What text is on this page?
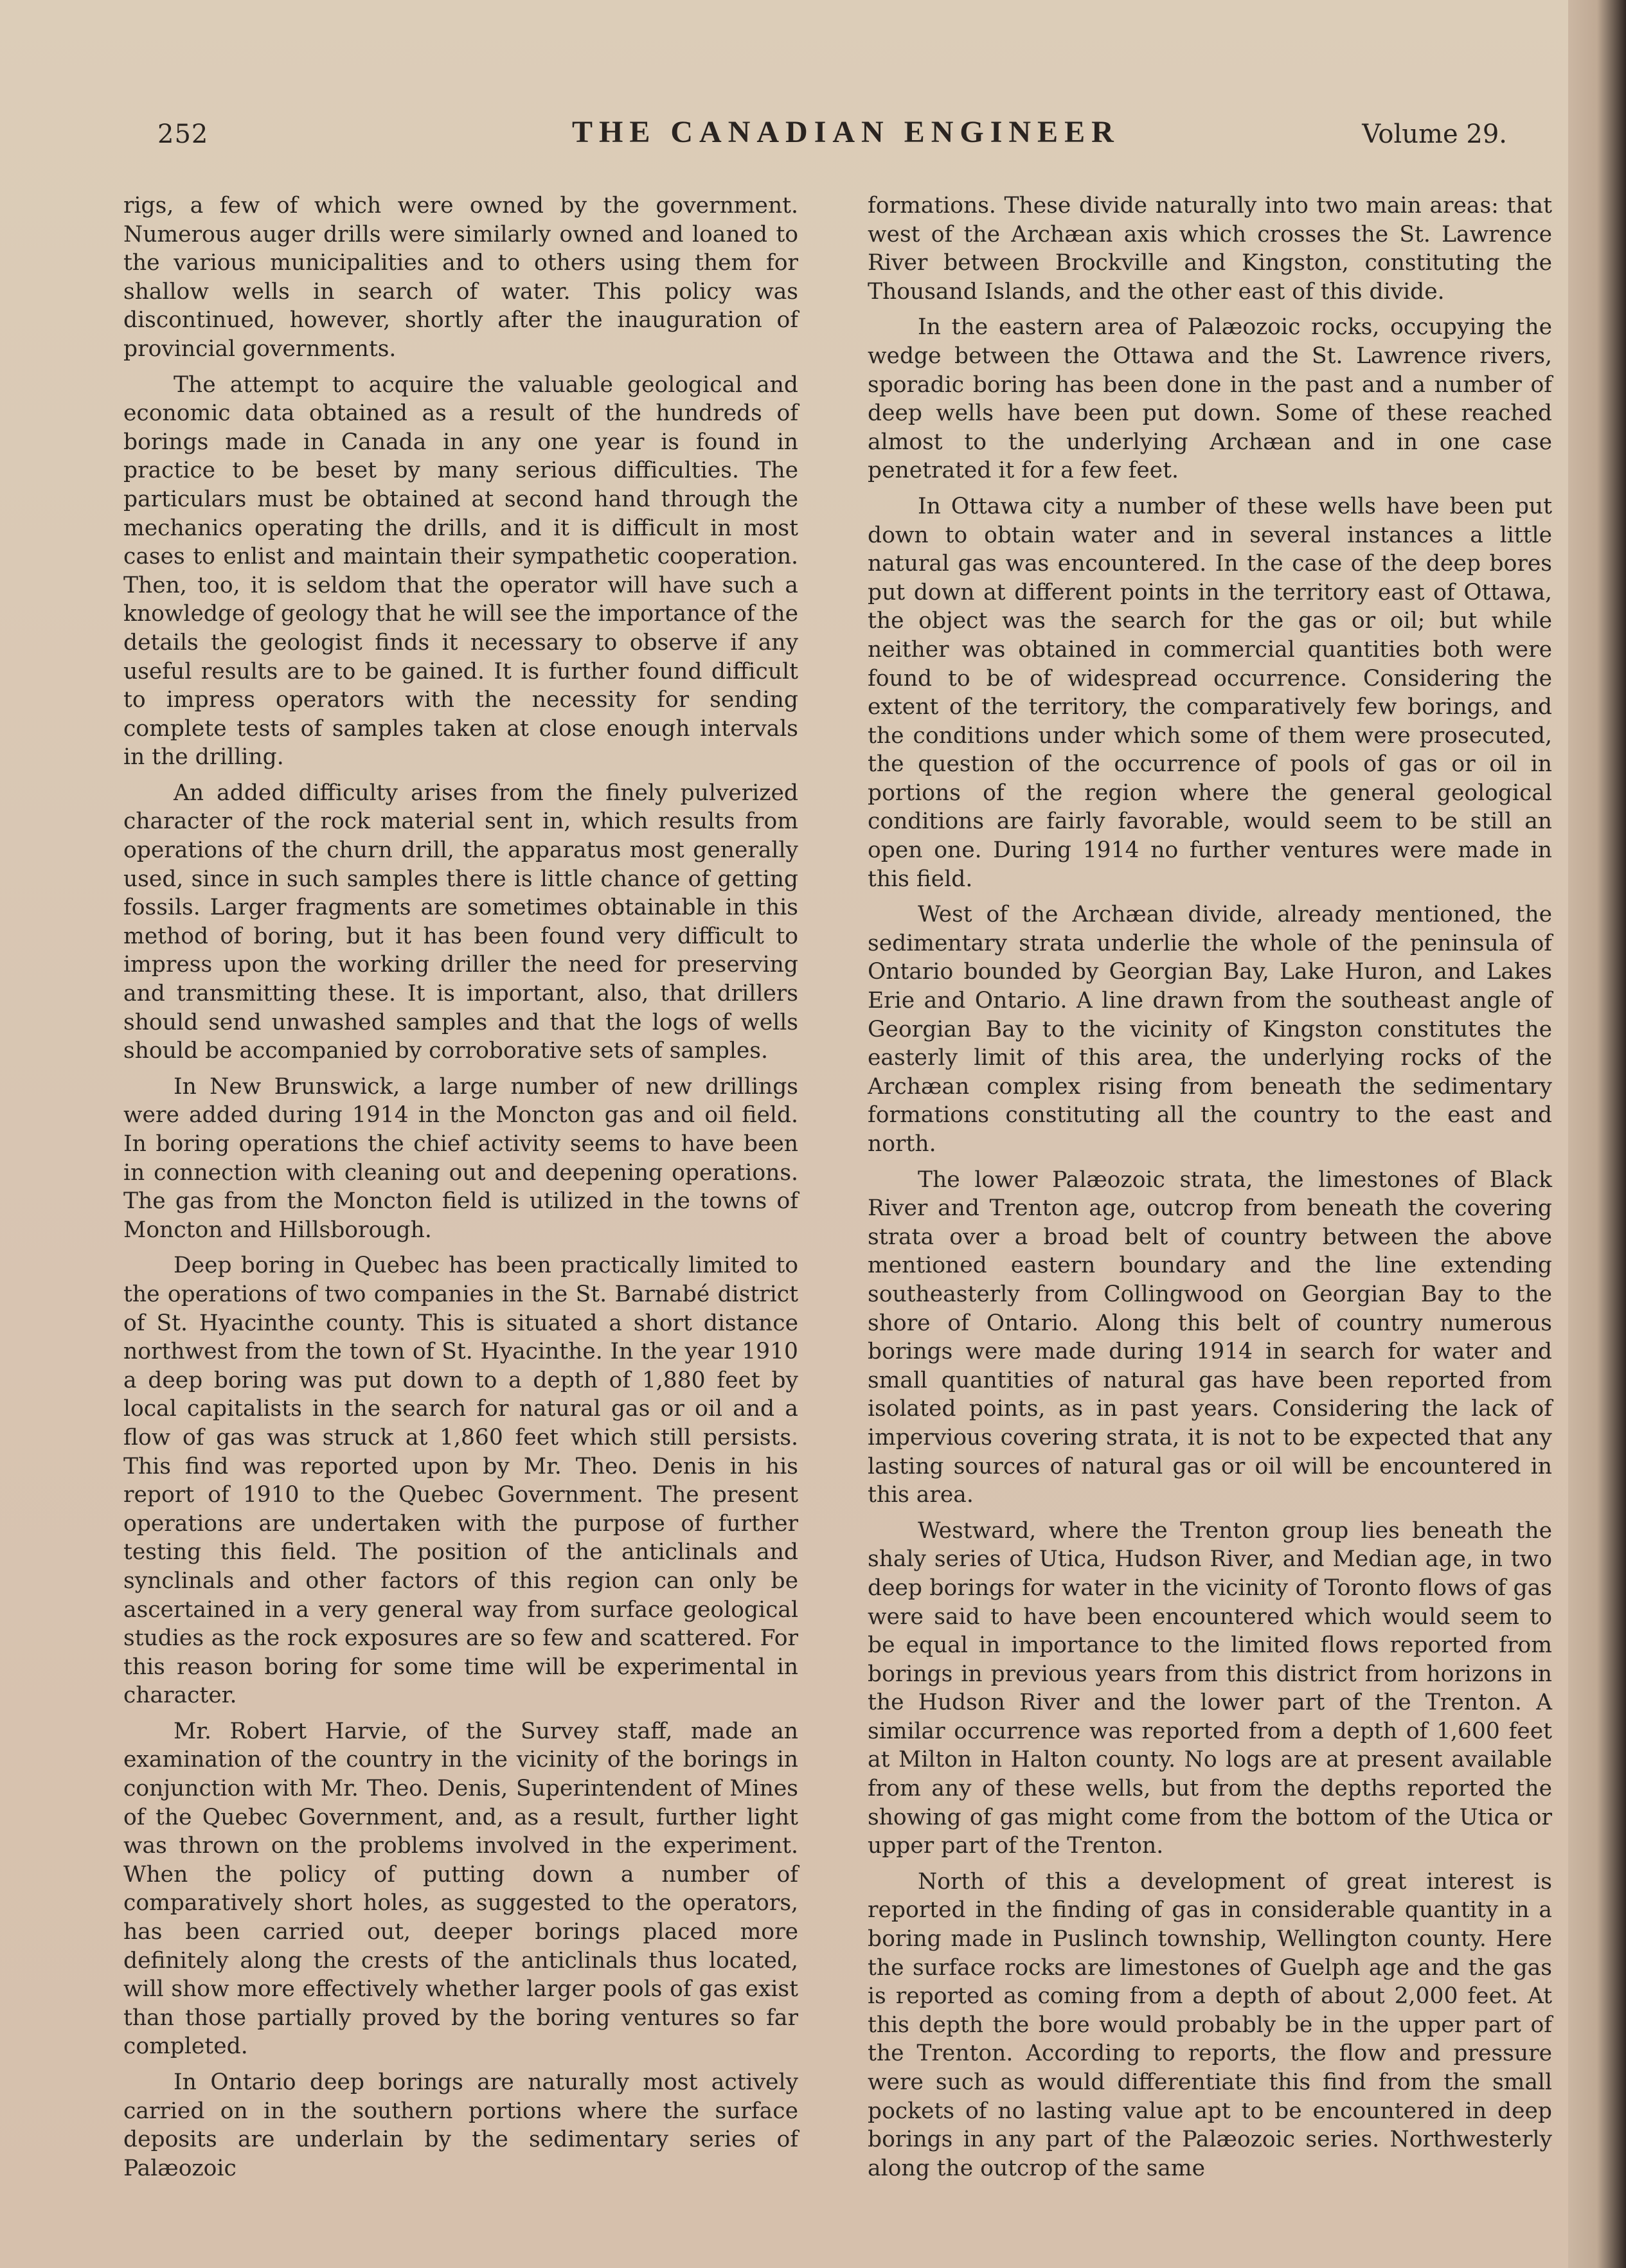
252	THE CANADIAN ENGINEER	Volume 29.

rigs, a few of which were owned by the government. Numerous auger drills were similarly owned and loaned to the various municipalities and to others using them for shallow wells in search of water. This policy was discontinued, however, shortly after the inauguration of provincial governments.

The attempt to acquire the valuable geological and economic data obtained as a result of the hundreds of borings made in Canada in any one year is found in practice to be beset by many serious difficulties. The particulars must be obtained at second hand through the mechanics operating the drills, and it is difficult in most cases to enlist and maintain their sympathetic cooperation. Then, too, it is seldom that the operator will have such a knowledge of geology that he will see the importance of the details the geologist finds it necessary to observe if any useful results are to be gained. It is further found difficult to impress operators with the necessity for sending complete tests of samples taken at close enough intervals in the drilling.

An added difficulty arises from the finely pulverized character of the rock material sent in, which results from operations of the churn drill, the apparatus most generally used, since in such samples there is little chance of getting fossils. Larger fragments are sometimes obtainable in this method of boring, but it has been found very difficult to impress upon the working driller the need for preserving and transmitting these. It is important, also, that drillers should send unwashed samples and that the logs of wells should be accompanied by corroborative sets of samples.

In New Brunswick, a large number of new drillings were added during 1914 in the Moncton gas and oil field. In boring operations the chief activity seems to have been in connection with cleaning out and deepening operations. The gas from the Moncton field is utilized in the towns of Moncton and Hillsborough.

Deep boring in Quebec has been practically limited to the operations of two companies in the St. Barnabé district of St. Hyacinthe county. This is situated a short distance northwest from the town of St. Hyacinthe. In the year 1910 a deep boring was put down to a depth of 1,880 feet by local capitalists in the search for natural gas or oil and a flow of gas was struck at 1,860 feet which still persists. This find was reported upon by Mr. Theo. Denis in his report of 1910 to the Quebec Government. The present operations are undertaken with the purpose of further testing this field. The position of the anticlinals and synclinals and other factors of this region can only be ascertained in a very general way from surface geological studies as the rock exposures are so few and scattered. For this reason boring for some time will be experimental in character.

Mr. Robert Harvie, of the Survey staff, made an examination of the country in the vicinity of the borings in conjunction with Mr. Theo. Denis, Superintendent of Mines of the Quebec Government, and, as a result, further light was thrown on the problems involved in the experiment. When the policy of putting down a number of comparatively short holes, as suggested to the operators, has been carried out, deeper borings placed more definitely along the crests of the anticlinals thus located, will show more effectively whether larger pools of gas exist than those partially proved by the boring ventures so far completed.

In Ontario deep borings are naturally most actively carried on in the southern portions where the surface deposits are underlain by the sedimentary series of Palæozoic

formations. These divide naturally into two main areas: that west of the Archæan axis which crosses the St. Lawrence River between Brockville and Kingston, constituting the Thousand Islands, and the other east of this divide.

In the eastern area of Palæozoic rocks, occupying the wedge between the Ottawa and the St. Lawrence rivers, sporadic boring has been done in the past and a number of deep wells have been put down. Some of these reached almost to the underlying Archæan and in one case penetrated it for a few feet.

In Ottawa city a number of these wells have been put down to obtain water and in several instances a little natural gas was encountered. In the case of the deep bores put down at different points in the territory east of Ottawa, the object was the search for the gas or oil; but while neither was obtained in commercial quantities both were found to be of widespread occurrence. Considering the extent of the territory, the comparatively few borings, and the conditions under which some of them were prosecuted, the question of the occurrence of pools of gas or oil in portions of the region where the general geological conditions are fairly favorable, would seem to be still an open one. During 1914 no further ventures were made in this field.

West of the Archæan divide, already mentioned, the sedimentary strata underlie the whole of the peninsula of Ontario bounded by Georgian Bay, Lake Huron, and Lakes Erie and Ontario. A line drawn from the southeast angle of Georgian Bay to the vicinity of Kingston constitutes the easterly limit of this area, the underlying rocks of the Archæan complex rising from beneath the sedimentary formations constituting all the country to the east and north.

The lower Palæozoic strata, the limestones of Black River and Trenton age, outcrop from beneath the covering strata over a broad belt of country between the above mentioned eastern boundary and the line extending southeasterly from Collingwood on Georgian Bay to the shore of Ontario. Along this belt of country numerous borings were made during 1914 in search for water and small quantities of natural gas have been reported from isolated points, as in past years. Considering the lack of impervious covering strata, it is not to be expected that any lasting sources of natural gas or oil will be encountered in this area.

Westward, where the Trenton group lies beneath the shaly series of Utica, Hudson River, and Median age, in two deep borings for water in the vicinity of Toronto flows of gas were said to have been encountered which would seem to be equal in importance to the limited flows reported from borings in previous years from this district from horizons in the Hudson River and the lower part of the Trenton. A similar occurrence was reported from a depth of 1,600 feet at Milton in Halton county. No logs are at present available from any of these wells, but from the depths reported the showing of gas might come from the bottom of the Utica or upper part of the Trenton.

North of this a development of great interest is reported in the finding of gas in considerable quantity in a boring made in Puslinch township, Wellington county. Here the surface rocks are limestones of Guelph age and the gas is reported as coming from a depth of about 2,000 feet. At this depth the bore would probably be in the upper part of the Trenton. According to reports, the flow and pressure were such as would differentiate this find from the small pockets of no lasting value apt to be encountered in deep borings in any part of the Palæozoic series. Northwesterly along the outcrop of the same
